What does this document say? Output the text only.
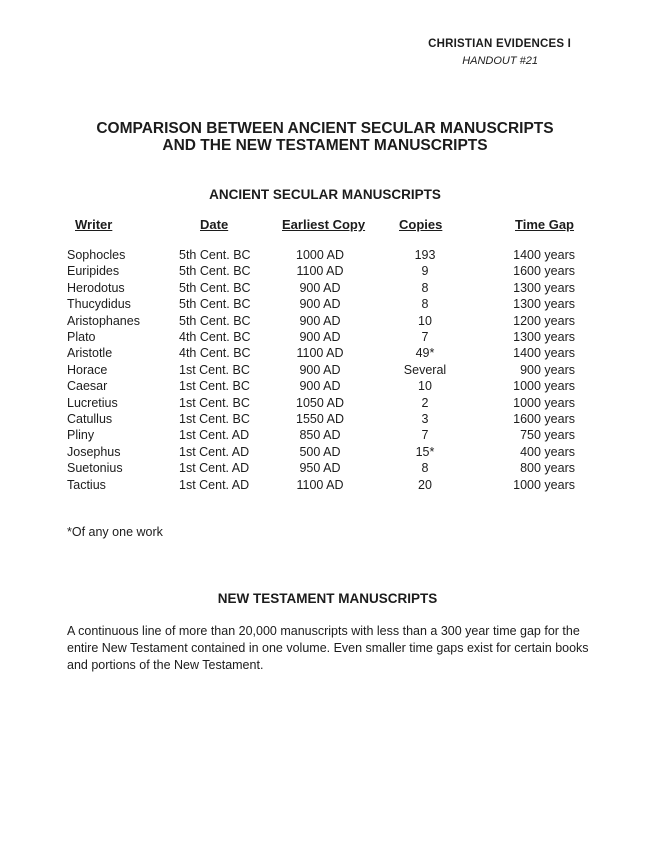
CHRISTIAN EVIDENCES I
HANDOUT #21
COMPARISON BETWEEN ANCIENT SECULAR MANUSCRIPTS
AND THE NEW TESTAMENT MANUSCRIPTS
ANCIENT SECULAR MANUSCRIPTS
Writer	Date	Earliest Copy	Copies	Time Gap
Sophocles	5th Cent. BC	1000 AD	193	1400 years
Euripides	5th Cent. BC	1100 AD	9	1600 years
Herodotus	5th Cent. BC	900 AD	8	1300 years
Thucydidus	5th Cent. BC	900 AD	8	1300 years
Aristophanes	5th Cent. BC	900 AD	10	1200 years
Plato	4th Cent. BC	900 AD	7	1300 years
Aristotle	4th Cent. BC	1100 AD	49*	1400 years
Horace	1st Cent. BC	900 AD	Several	900 years
Caesar	1st Cent. BC	900 AD	10	1000 years
Lucretius	1st Cent. BC	1050 AD	2	1000 years
Catullus	1st Cent. BC	1550 AD	3	1600 years
Pliny	1st Cent. AD	850 AD	7	750 years
Josephus	1st Cent. AD	500 AD	15*	400 years
Suetonius	1st Cent. AD	950 AD	8	800 years
Tactius	1st Cent. AD	1100 AD	20	1000 years
*Of any one work
NEW TESTAMENT MANUSCRIPTS
A continuous line of more than 20,000 manuscripts with less than a 300 year time gap for the entire New Testament contained in one volume. Even smaller time gaps exist for certain books and portions of the New Testament.
